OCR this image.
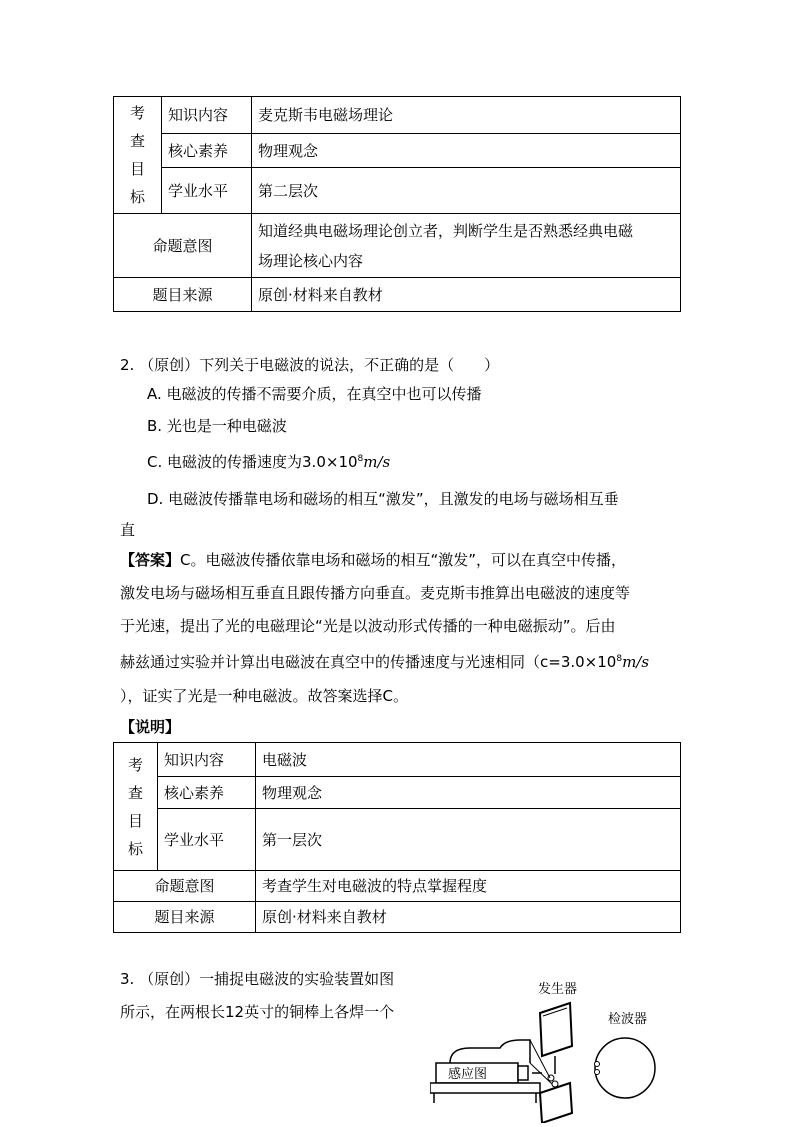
考
查
目
标	知识内容	麦克斯韦电磁场理论
	核心素养	物理观念
	学业水平	第二层次
命题意图		知道经典电磁场理论创立者，判断学生是否熟悉经典电磁
场理论核心内容

题目来源		原创·材料来自教材
2. （原创）下列关于电磁波的说法，不正确的是（　　）
A. 电磁波的传播不需要介质，在真空中也可以传播
B. 光也是一种电磁波
C. 电磁波的传播速度为$3.0\times 10^8m/s$
D. 电磁波传播靠电场和磁场的相互“激发”，且激发的电场与磁场相互垂
直
【答案】C。电磁波传播依靠电场和磁场的相互“激发”，可以在真空中传播，
激发电场与磁场相互垂直且跟传播方向垂直。麦克斯韦推算出电磁波的速度等
于光速，提出了光的电磁理论“光是以波动形式传播的一种电磁振动”。后由
赫兹通过实验并计算出电磁波在真空中的传播速度与光速相同（$c=3.0\times 10^8m/s$
），证实了光是一种电磁波。故答案选择C。
【说明】
考
查
目
标	知识内容	电磁波
	核心素养	物理观念
	学业水平	第一层次
命题意图		考查学生对电磁波的特点掌握程度
题目来源		原创·材料来自教材
3. （原创）一捕捉电磁波的实验装置如图
所示，在两根长12英寸的铜棒上各焊一个
发生器
检波器
感应图
